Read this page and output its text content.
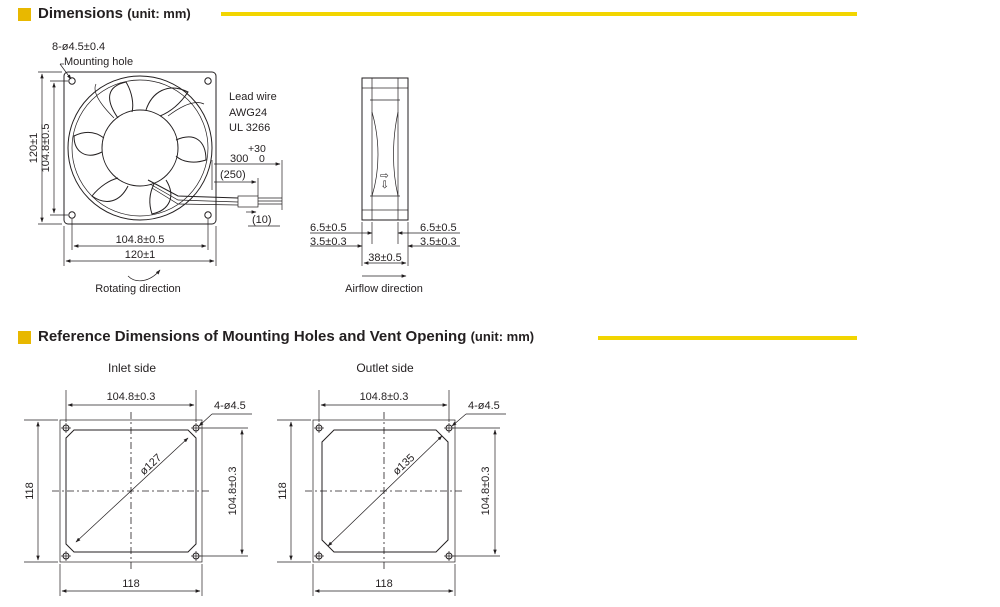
Dimensions (unit: mm)
Reference Dimensions of Mounting Holes and Vent Opening (unit: mm)
8-ø4.5±0.4
Mounting hole
120±1 104.8±0.5
104.8±0.5
120±1
Rotating direction
Lead wire
AWG24
UL 3266
+30
300 0
(250)
(10)
⇦⇩
6.5±0.5
3.5±0.3
6.5±0.5
3.5±0.3
38±0.5
Airflow direction
Inlet side
ø127
104.8±0.3
4-ø4.5
118	104.8±0.3
118
Outlet side
ø135
104.8±0.3
4-ø4.5
118	104.8±0.3
118
